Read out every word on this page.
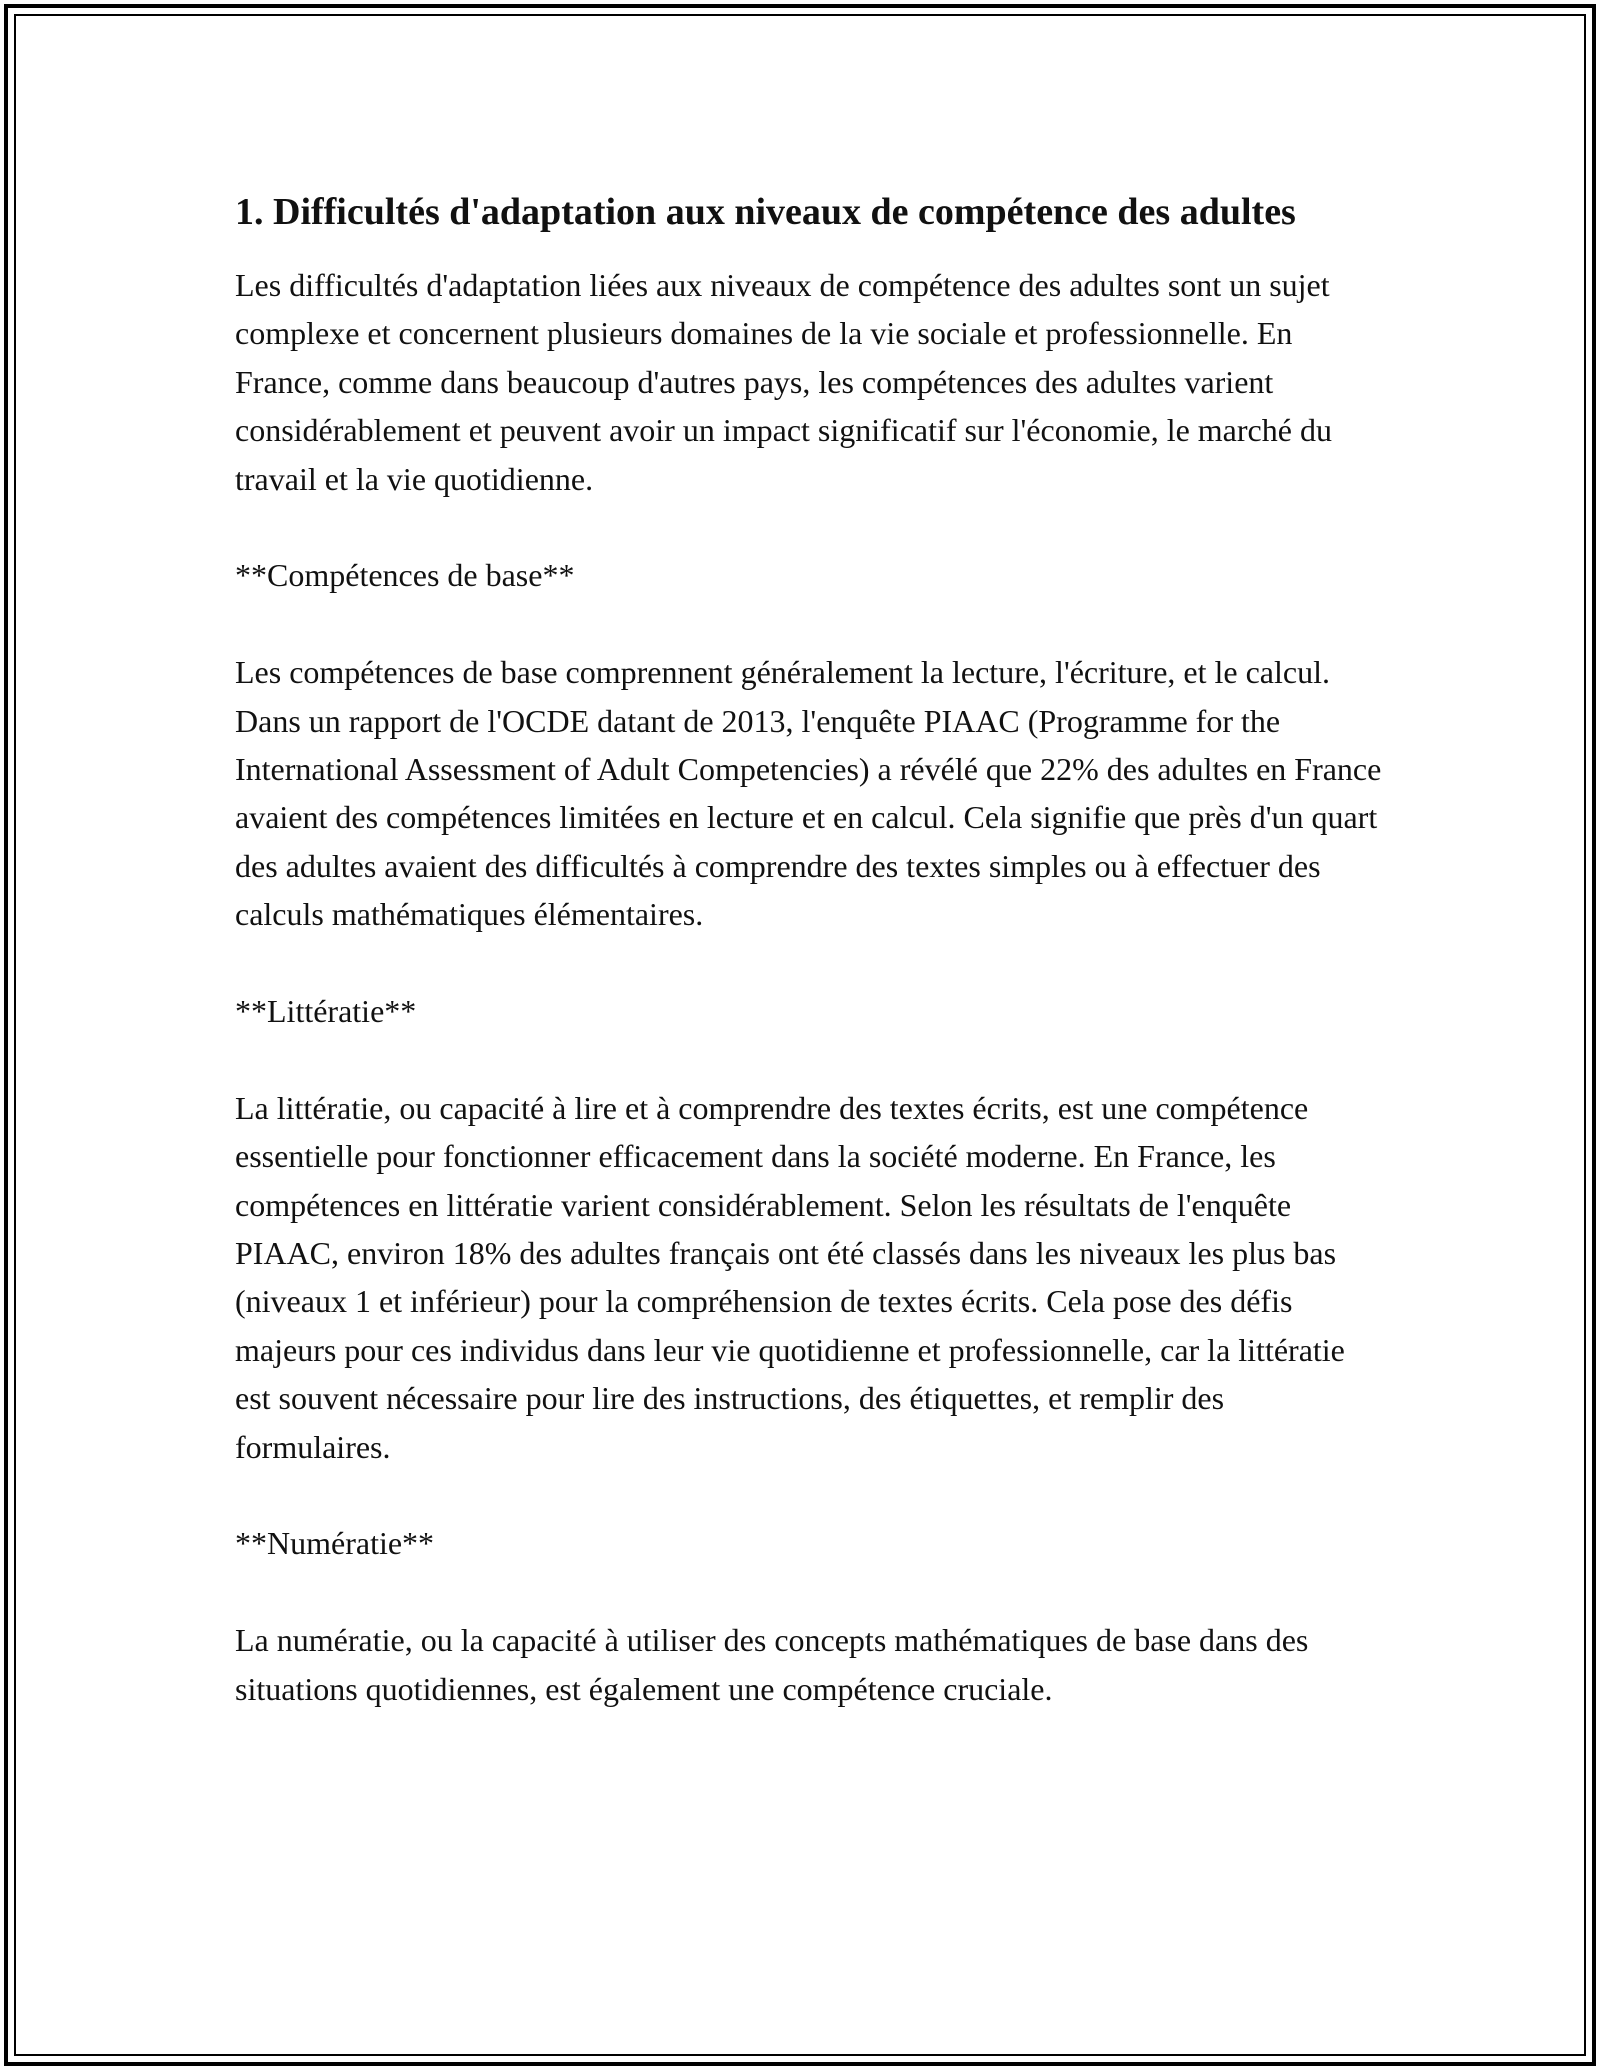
1. Difficultés d'adaptation aux niveaux de compétence des adultes

Les difficultés d'adaptation liées aux niveaux de compétence des adultes sont un sujet complexe et concernent plusieurs domaines de la vie sociale et professionnelle. En France, comme dans beaucoup d'autres pays, les compétences des adultes varient considérablement et peuvent avoir un impact significatif sur l'économie, le marché du travail et la vie quotidienne.

**Compétences de base**

Les compétences de base comprennent généralement la lecture, l'écriture, et le calcul. Dans un rapport de l'OCDE datant de 2013, l'enquête PIAAC (Programme for the International Assessment of Adult Competencies) a révélé que 22% des adultes en France avaient des compétences limitées en lecture et en calcul. Cela signifie que près d'un quart des adultes avaient des difficultés à comprendre des textes simples ou à effectuer des calculs mathématiques élémentaires.

**Littératie**

La littératie, ou capacité à lire et à comprendre des textes écrits, est une compétence essentielle pour fonctionner efficacement dans la société moderne. En France, les compétences en littératie varient considérablement. Selon les résultats de l'enquête PIAAC, environ 18% des adultes français ont été classés dans les niveaux les plus bas (niveaux 1 et inférieur) pour la compréhension de textes écrits. Cela pose des défis majeurs pour ces individus dans leur vie quotidienne et professionnelle, car la littératie est souvent nécessaire pour lire des instructions, des étiquettes, et remplir des formulaires.

**Numératie**

La numératie, ou la capacité à utiliser des concepts mathématiques de base dans des situations quotidiennes, est également une compétence cruciale.
